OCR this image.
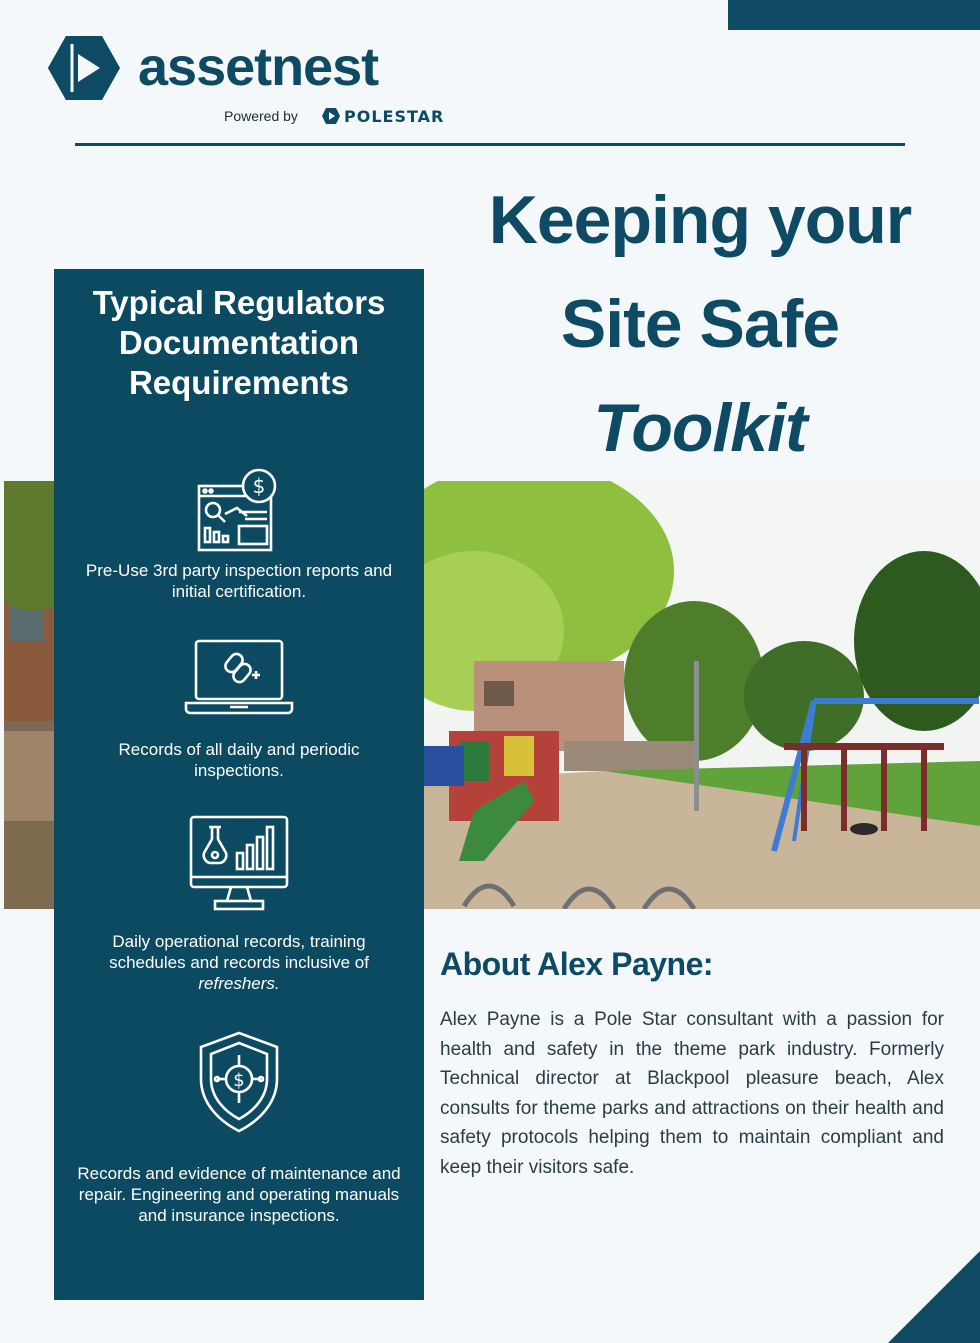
assetnest
Powered by	POLESTAR
Keeping your
Site Safe
Toolkit
Typical Regulators Documentation Requirements
$
Pre-Use 3rd party inspection reports and initial certification.
Records of all daily and periodic inspections.
Daily operational records, training schedules and records inclusive of refreshers.
$
Records and evidence of maintenance and repair. Engineering and operating manuals and insurance inspections.
About Alex Payne:
Alex Payne is a Pole Star consultant with a passion for health and safety in the theme park industry. Formerly Technical director at Blackpool pleasure beach, Alex consults for theme parks and attractions on their health and safety protocols helping them to maintain compliant and keep their visitors safe.
